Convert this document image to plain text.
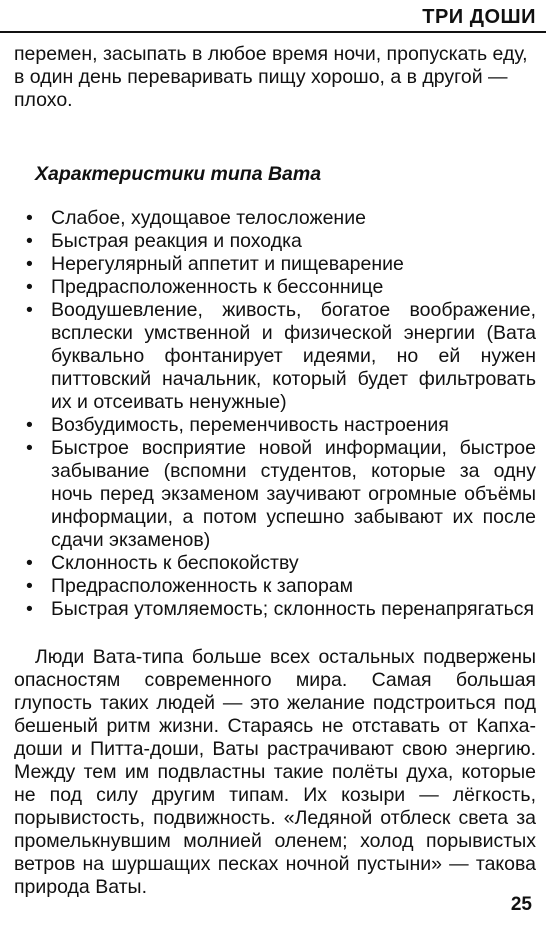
ТРИ ДОШИ

перемен, засыпать в любое время ночи, пропускать еду, в один день переваривать пищу хорошо, а в другой — плохо.

Характеристики типа Вата

• Слабое, худощавое телосложение
• Быстрая реакция и походка
• Нерегулярный аппетит и пищеварение
• Предрасположенность к бессоннице
• Воодушевление, живость, богатое воображение, всплески умственной и физической энергии (Вата буквально фонтанирует идеями, но ей нужен питтовский начальник, который будет фильтровать их и отсеивать ненужные)
• Возбудимость, переменчивость настроения
• Быстрое восприятие новой информации, быстрое забывание (вспомни студентов, которые за одну ночь перед экзаменом заучивают огромные объёмы информации, а потом успешно забывают их после сдачи экзаменов)
• Склонность к беспокойству
• Предрасположенность к запорам
• Быстрая утомляемость; склонность перенапрягаться

Люди Вата-типа больше всех остальных подвержены опасностям современного мира. Самая большая глупость таких людей — это желание подстроиться под бешеный ритм жизни. Стараясь не отставать от Капха-доши и Питта-доши, Ваты растрачивают свою энергию. Между тем им подвластны такие полёты духа, которые не под силу другим типам. Их козыри — лёгкость, порывистость, подвижность. «Ледяной отблеск света за промелькнувшим молнией оленем; холод порывистых ветров на шуршащих песках ночной пустыни» — такова природа Ваты.

25
